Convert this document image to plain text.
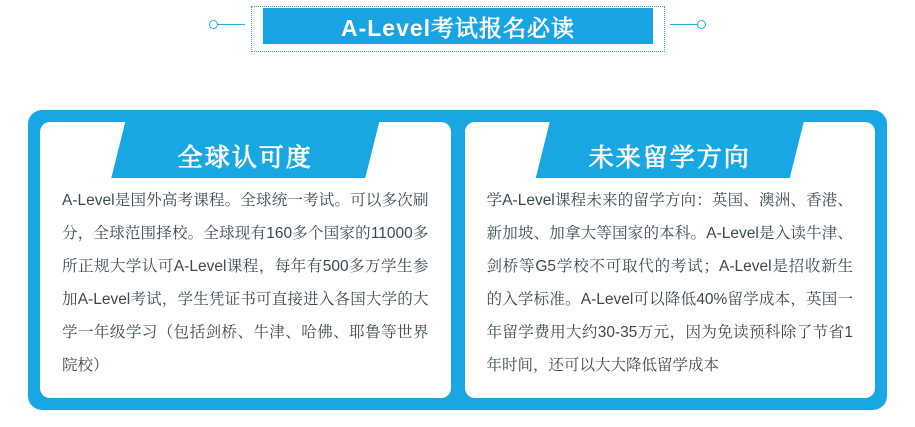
A-Level考试报名必读
全球认可度
A-Level是国外高考课程。全球统一考试。可以多次刷分，全球范围择校。全球现有160多个国家的11000多所正规大学认可A-Level课程，每年有500多万学生参加A-Level考试，学生凭证书可直接进入各国大学的大学一年级学习（包括剑桥、牛津、哈佛、耶鲁等世界院校）
未来留学方向
学A-Level课程未来的留学方向：英国、澳洲、香港、新加坡、加拿大等国家的本科。A-Level是入读牛津、剑桥等G5学校不可取代的考试；A-Level是招收新生的入学标准。A-Level可以降低40%留学成本，英国一年留学费用大约30-35万元，因为免读预科除了节省1年时间，还可以大大降低留学成本
